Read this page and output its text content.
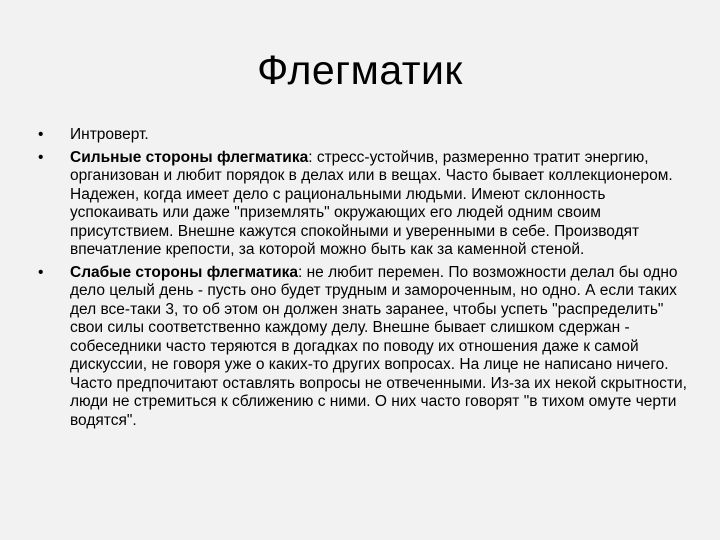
Флегматик
•	Интроверт.
•	Сильные стороны флегматика: стресс-устойчив, размеренно тратит энергию, организован и любит порядок в делах или в вещах. Часто бывает коллекционером. Надежен, когда имеет дело с рациональными людьми. Имеют склонность успокаивать или даже "приземлять" окружающих его людей одним своим присутствием. Внешне кажутся спокойными и уверенными в себе. Производят впечатление крепости, за которой можно быть как за каменной стеной.
•	Слабые стороны флегматика: не любит перемен. По возможности делал бы одно дело целый день - пусть оно будет трудным и замороченным, но одно. А если таких дел все-таки 3, то об этом он должен знать заранее, чтобы успеть "распределить" свои силы соответственно каждому делу. Внешне бывает слишком сдержан - собеседники часто теряются в догадках по поводу их отношения даже к самой дискуссии, не говоря уже о каких-то других вопросах. На лице не написано ничего. Часто предпочитают оставлять вопросы не отвеченными. Из-за их некой скрытности, люди не стремиться к сближению с ними. О них часто говорят "в тихом омуте черти водятся".
